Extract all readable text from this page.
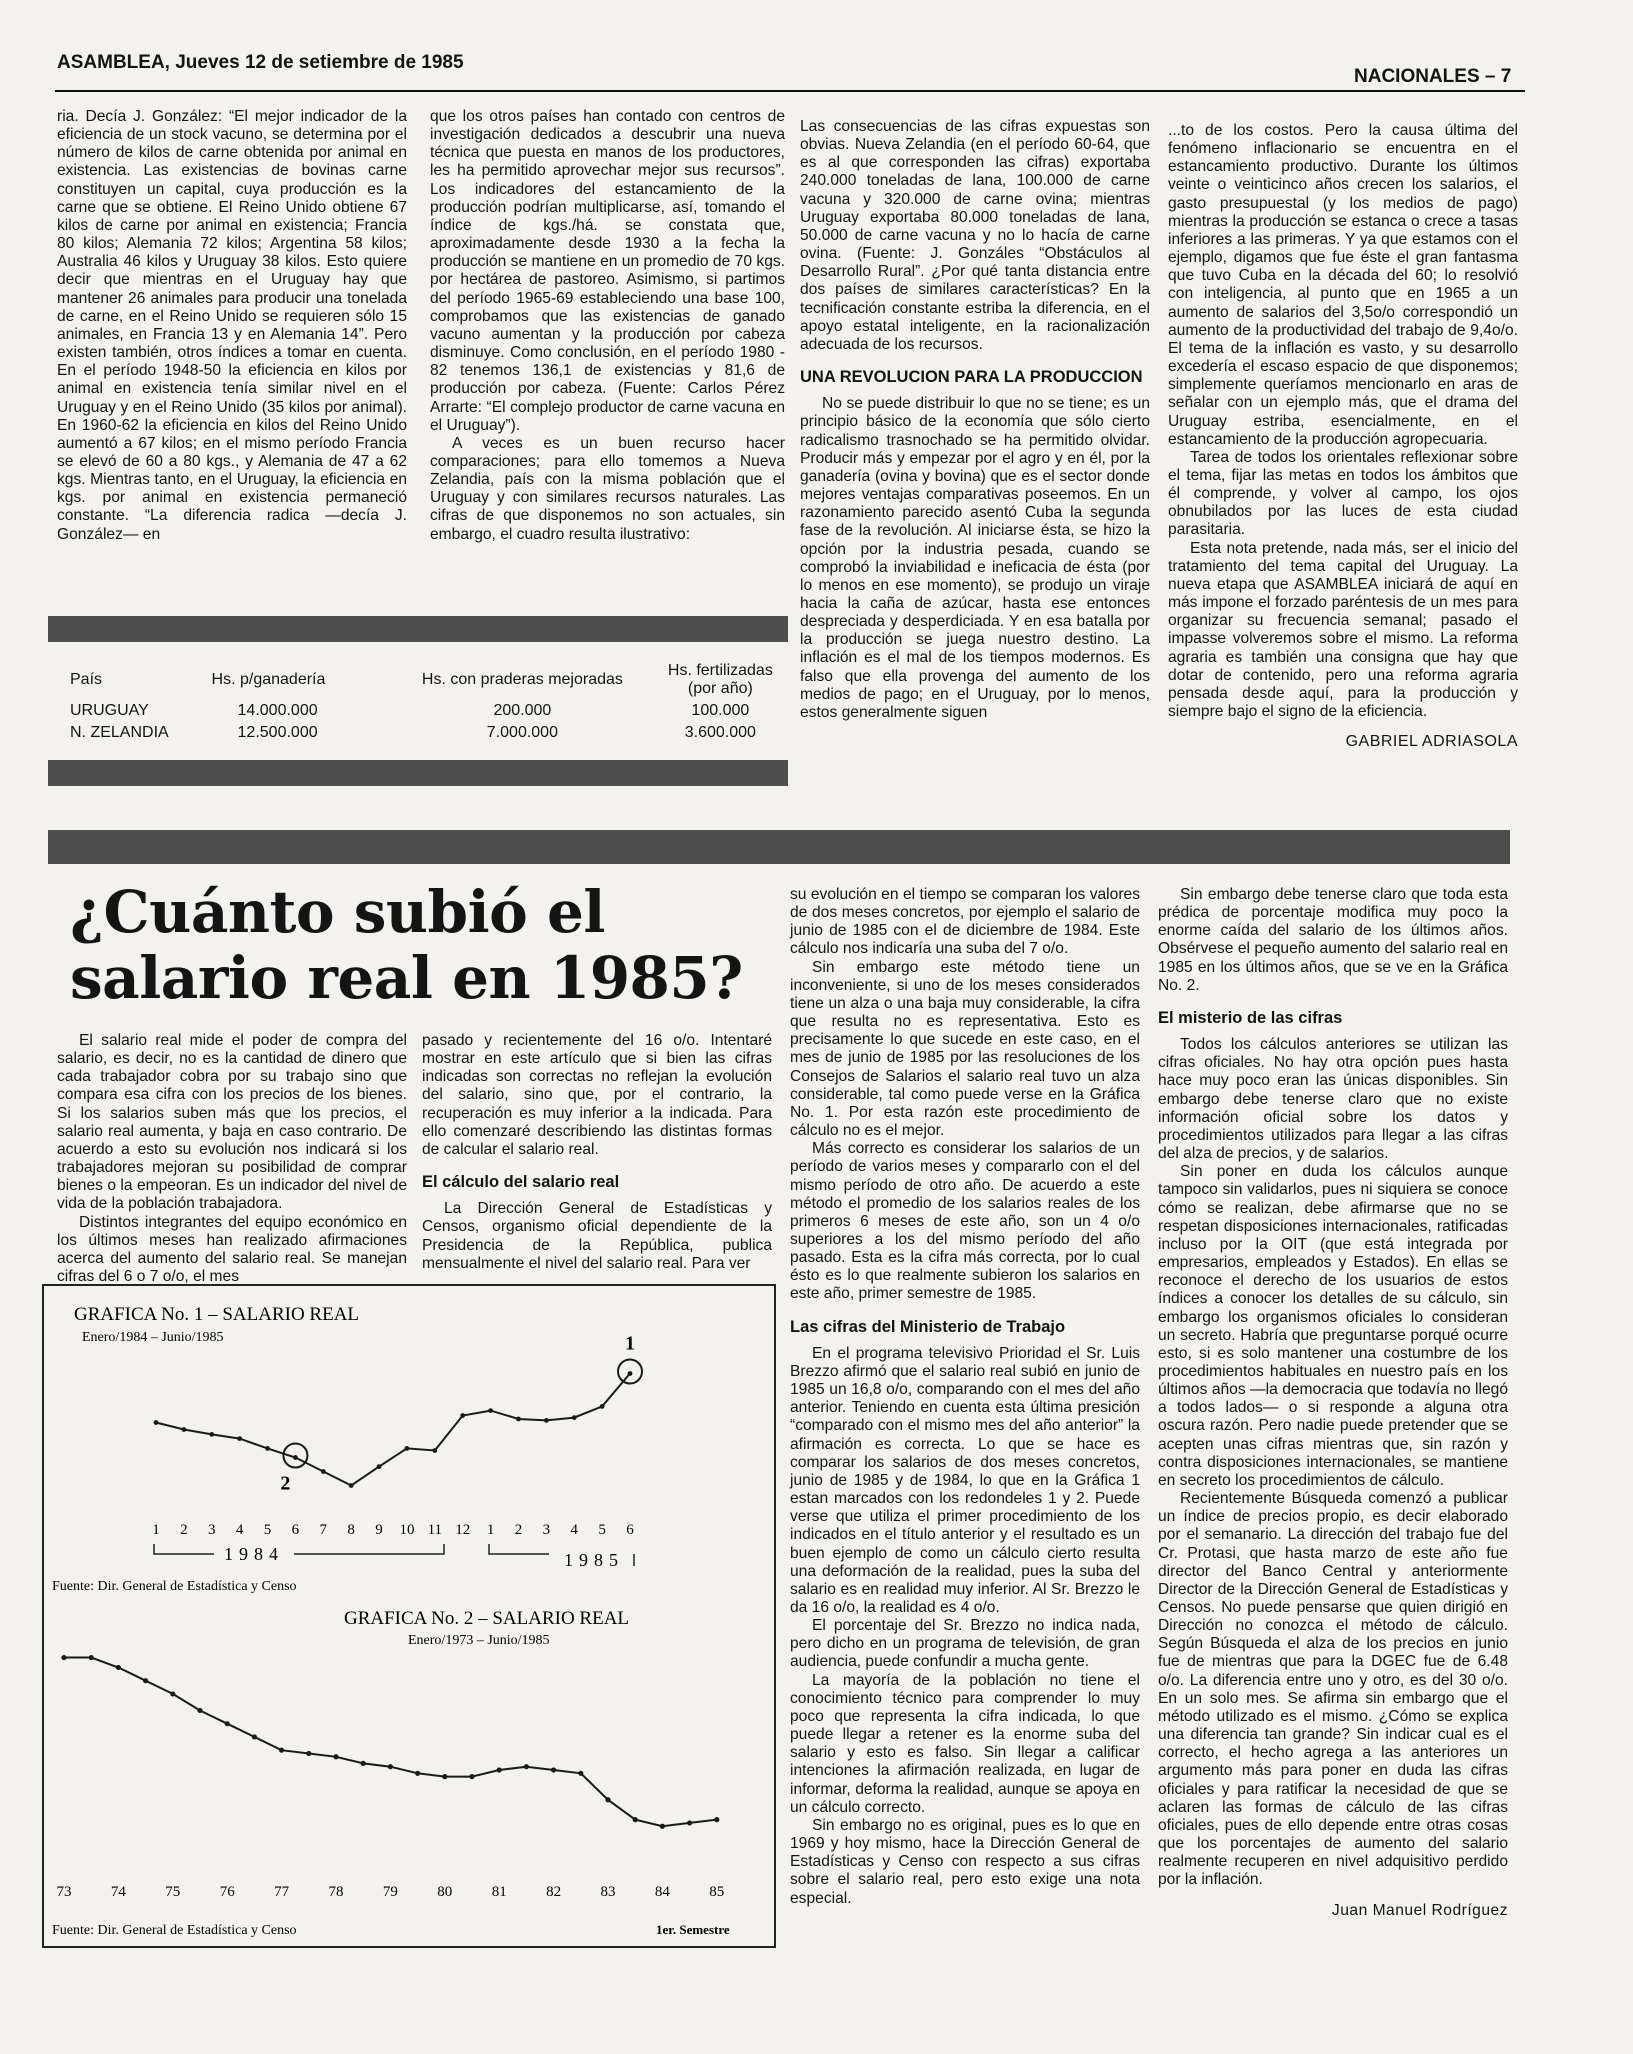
ASAMBLEA, Jueves 12 de setiembre de 1985
NACIONALES – 7

ria. Decía J. González: “El mejor indicador de la eficiencia de un stock vacuno, se determina por el número de kilos de carne obtenida por animal en existencia. Las existencias de bovinas carne constituyen un capital, cuya producción es la carne que se obtiene. El Reino Unido obtiene 67 kilos de carne por animal en existencia; Francia 80 kilos; Alemania 72 kilos; Argentina 58 kilos; Australia 46 kilos y Uruguay 38 kilos. Esto quiere decir que mientras en el Uruguay hay que mantener 26 animales para producir una tonelada de carne, en el Reino Unido se requieren sólo 15 animales, en Francia 13 y en Alemania 14”. Pero existen también, otros índices a tomar en cuenta. En el período 1948-50 la eficiencia en kilos por animal en existencia tenía similar nivel en el Uruguay y en el Reino Unido (35 kilos por animal). En 1960-62 la eficiencia en kilos del Reino Unido aumentó a 67 kilos; en el mismo período Francia se elevó de 60 a 80 kgs., y Alemania de 47 a 62 kgs. Mientras tanto, en el Uruguay, la eficiencia en kgs. por animal en existencia permaneció constante. “La diferencia radica —decía J. González— en

que los otros países han contado con centros de investigación dedicados a descubrir una nueva técnica que puesta en manos de los productores, les ha permitido aprovechar mejor sus recursos”. Los indicadores del estancamiento de la producción podrían multiplicarse, así, tomando el índice de kgs./há. se constata que, aproximadamente desde 1930 a la fecha la producción se mantiene en un promedio de 70 kgs. por hectárea de pastoreo. Asimismo, si partimos del período 1965-69 estableciendo una base 100, comprobamos que las existencias de ganado vacuno aumentan y la producción por cabeza disminuye. Como conclusión, en el período 1980 - 82 tenemos 136,1 de existencias y 81,6 de producción por cabeza. (Fuente: Carlos Pérez Arrarte: “El complejo productor de carne vacuna en el Uruguay”).

A veces es un buen recurso hacer comparaciones; para ello tomemos a Nueva Zelandia, país con la misma población que el Uruguay y con similares recursos naturales. Las cifras de que disponemos no son actuales, sin embargo, el cuadro resulta ilustrativo:

Las consecuencias de las cifras expuestas son obvias. Nueva Zelandia (en el período 60-64, que es al que corresponden las cifras) exportaba 240.000 toneladas de lana, 100.000 de carne vacuna y 320.000 de carne ovina; mientras Uruguay exportaba 80.000 toneladas de lana, 50.000 de carne vacuna y no lo hacía de carne ovina. (Fuente: J. Gonzáles “Obstáculos al Desarrollo Rural”. ¿Por qué tanta distancia entre dos países de similares características? En la tecnificación constante estriba la diferencia, en el apoyo estatal inteligente, en la racionalización adecuada de los recursos.

UNA REVOLUCION PARA LA PRODUCCION

No se puede distribuir lo que no se tiene; es un principio básico de la economía que sólo cierto radicalismo trasnochado se ha permitido olvidar. Producir más y empezar por el agro y en él, por la ganadería (ovina y bovina) que es el sector donde mejores ventajas comparativas poseemos. En un razonamiento parecido asentó Cuba la segunda fase de la revolución. Al iniciarse ésta, se hizo la opción por la industria pesada, cuando se comprobó la inviabilidad e ineficacia de ésta (por lo menos en ese momento), se produjo un viraje hacia la caña de azúcar, hasta ese entonces despreciada y desperdiciada. Y en esa batalla por la producción se juega nuestro destino. La inflación es el mal de los tiempos modernos. Es falso que ella provenga del aumento de los medios de pago; en el Uruguay, por lo menos, estos generalmente siguen

...to de los costos. Pero la causa última del fenómeno inflacionario se encuentra en el estancamiento productivo. Durante los últimos veinte o veinticinco años crecen los salarios, el gasto presupuestal (y los medios de pago) mientras la producción se estanca o crece a tasas inferiores a las primeras. Y ya que estamos con el ejemplo, digamos que fue éste el gran fantasma que tuvo Cuba en la década del 60; lo resolvió con inteligencia, al punto que en 1965 a un aumento de salarios del 3,5o/o correspondió un aumento de la productividad del trabajo de 9,4o/o. El tema de la inflación es vasto, y su desarrollo excedería el escaso espacio de que disponemos; simplemente queríamos mencionarlo en aras de señalar con un ejemplo más, que el drama del Uruguay estriba, esencialmente, en el estancamiento de la producción agropecuaria.

Tarea de todos los orientales reflexionar sobre el tema, fijar las metas en todos los ámbitos que él comprende, y volver al campo, los ojos obnubilados por las luces de esta ciudad parasitaria.

Esta nota pretende, nada más, ser el inicio del tratamiento del tema capital del Uruguay. La nueva etapa que ASAMBLEA iniciará de aquí en más impone el forzado paréntesis de un mes para organizar su frecuencia semanal; pasado el impasse volveremos sobre el mismo. La reforma agraria es también una consigna que hay que dotar de contenido, pero una reforma agraria pensada desde aquí, para la producción y siempre bajo el signo de la eficiencia.

GABRIEL ADRIASOLA

País	Hs. p/ganadería	Hs. con praderas mejoradas	Hs. fertilizadas (por año)
URUGUAY	14.000.000	200.000	100.000
N. ZELANDIA	12.500.000	7.000.000	3.600.000
¿Cuánto subió el
salario real en 1985?

El salario real mide el poder de compra del salario, es decir, no es la cantidad de dinero que cada trabajador cobra por su trabajo sino que compara esa cifra con los precios de los bienes. Si los salarios suben más que los precios, el salario real aumenta, y baja en caso contrario. De acuerdo a esto su evolución nos indicará si los trabajadores mejoran su posibilidad de comprar bienes o la empeoran. Es un indicador del nivel de vida de la población trabajadora.

Distintos integrantes del equipo económico en los últimos meses han realizado afirmaciones acerca del aumento del salario real. Se manejan cifras del 6 o 7 o/o, el mes

pasado y recientemente del 16 o/o. Intentaré mostrar en este artículo que si bien las cifras indicadas son correctas no reflejan la evolución del salario, sino que, por el contrario, la recuperación es muy inferior a la indicada. Para ello comenzaré describiendo las distintas formas de calcular el salario real.

El cálculo del salario real

La Dirección General de Estadísticas y Censos, organismo oficial dependiente de la Presidencia de la República, publica mensualmente el nivel del salario real. Para ver

su evolución en el tiempo se comparan los valores de dos meses concretos, por ejemplo el salario de junio de 1985 con el de diciembre de 1984. Este cálculo nos indicaría una suba del 7 o/o.

Sin embargo este método tiene un inconveniente, si uno de los meses considerados tiene un alza o una baja muy considerable, la cifra que resulta no es representativa. Esto es precisamente lo que sucede en este caso, en el mes de junio de 1985 por las resoluciones de los Consejos de Salarios el salario real tuvo un alza considerable, tal como puede verse en la Gráfica No. 1. Por esta razón este procedimiento de cálculo no es el mejor.

Más correcto es considerar los salarios de un período de varios meses y compararlo con el del mismo período de otro año. De acuerdo a este método el promedio de los salarios reales de los primeros 6 meses de este año, son un 4 o/o superiores a los del mismo período del año pasado. Esta es la cifra más correcta, por lo cual ésto es lo que realmente subieron los salarios en este año, primer semestre de 1985.

Las cifras del Ministerio de Trabajo

En el programa televisivo Prioridad el Sr. Luis Brezzo afirmó que el salario real subió en junio de 1985 un 16,8 o/o, comparando con el mes del año anterior. Teniendo en cuenta esta última presición “comparado con el mismo mes del año anterior” la afirmación es correcta. Lo que se hace es comparar los salarios de dos meses concretos, junio de 1985 y de 1984, lo que en la Gráfica 1 estan marcados con los redondeles 1 y 2. Puede verse que utiliza el primer procedimiento de los indicados en el título anterior y el resultado es un buen ejemplo de como un cálculo cierto resulta una deformación de la realidad, pues la suba del salario es en realidad muy inferior. Al Sr. Brezzo le da 16 o/o, la realidad es 4 o/o.

El porcentaje del Sr. Brezzo no indica nada, pero dicho en un programa de televisión, de gran audiencia, puede confundir a mucha gente.

La mayoría de la población no tiene el conocimiento técnico para comprender lo muy poco que representa la cifra indicada, lo que puede llegar a retener es la enorme suba del salario y esto es falso. Sin llegar a calificar intenciones la afirmación realizada, en lugar de informar, deforma la realidad, aunque se apoya en un cálculo correcto.

Sin embargo no es original, pues es lo que en 1969 y hoy mismo, hace la Dirección General de Estadísticas y Censo con respecto a sus cifras sobre el salario real, pero esto exige una nota especial.

Sin embargo debe tenerse claro que toda esta prédica de porcentaje modifica muy poco la enorme caída del salario de los últimos años. Obsérvese el pequeño aumento del salario real en 1985 en los últimos años, que se ve en la Gráfica No. 2.

El misterio de las cifras

Todos los cálculos anteriores se utilizan las cifras oficiales. No hay otra opción pues hasta hace muy poco eran las únicas disponibles. Sin embargo debe tenerse claro que no existe información oficial sobre los datos y procedimientos utilizados para llegar a las cifras del alza de precios, y de salarios.

Sin poner en duda los cálculos aunque tampoco sin validarlos, pues ni siquiera se conoce cómo se realizan, debe afirmarse que no se respetan disposiciones internacionales, ratificadas incluso por la OIT (que está integrada por empresarios, empleados y Estados). En ellas se reconoce el derecho de los usuarios de estos índices a conocer los detalles de su cálculo, sin embargo los organismos oficiales lo consideran un secreto. Habría que preguntarse porqué ocurre esto, si es solo mantener una costumbre de los procedimientos habituales en nuestro país en los últimos años —la democracia que todavía no llegó a todos lados— o si responde a alguna otra oscura razón. Pero nadie puede pretender que se acepten unas cifras mientras que, sin razón y contra disposiciones internacionales, se mantiene en secreto los procedimientos de cálculo.

Recientemente Búsqueda comenzó a publicar un índice de precios propio, es decir elaborado por el semanario. La dirección del trabajo fue del Cr. Protasi, que hasta marzo de este año fue director del Banco Central y anteriormente Director de la Dirección General de Estadísticas y Censos. No puede pensarse que quien dirigió en Dirección no conozca el método de cálculo. Según Búsqueda el alza de los precios en junio fue de mientras que para la DGEC fue de 6.48 o/o. La diferencia entre uno y otro, es del 30 o/o. En un solo mes. Se afirma sin embargo que el método utilizado es el mismo. ¿Cómo se explica una diferencia tan grande? Sin indicar cual es el correcto, el hecho agrega a las anteriores un argumento más para poner en duda las cifras oficiales y para ratificar la necesidad de que se aclaren las formas de cálculo de las cifras oficiales, pues de ello depende entre otras cosas que los porcentajes de aumento del salario realmente recuperen en nivel adquisitivo perdido por la inflación.

Juan Manuel Rodríguez

GRAFICA No. 1 – SALARIO REAL
Enero/1984 – Junio/1985
1984	1985
Fuente: Dir. General de Estadística y Censo
1 2 3 4 5 6 7 8 9 10 11 12 1 2 3 4 5 6
1
2
GRAFICA No. 2 – SALARIO REAL
Enero/1973 – Junio/1985
1er. Semestre
Fuente: Dir. General de Estadística y Censo
73	74	75	76	77	78	79	80	81	82	83	84	85
